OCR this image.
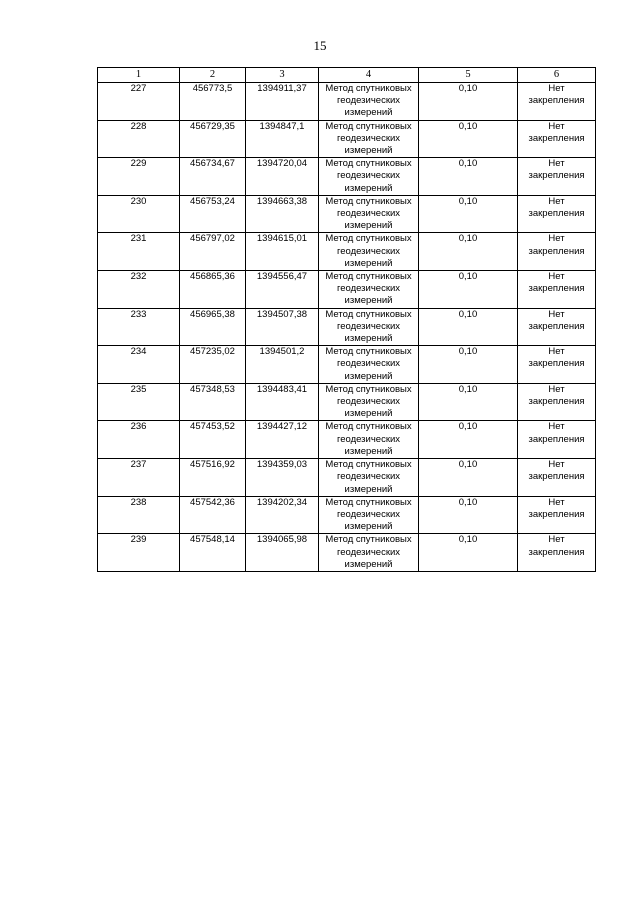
15
1	2	3	4	5	6
227	456773,5	1394911,37	Метод спутниковых геодезических измерений	0,10	Нет закрепления
228	456729,35	1394847,1	Метод спутниковых геодезических измерений	0,10	Нет закрепления
229	456734,67	1394720,04	Метод спутниковых геодезических измерений	0,10	Нет закрепления
230	456753,24	1394663,38	Метод спутниковых геодезических измерений	0,10	Нет закрепления
231	456797,02	1394615,01	Метод спутниковых геодезических измерений	0,10	Нет закрепления
232	456865,36	1394556,47	Метод спутниковых геодезических измерений	0,10	Нет закрепления
233	456965,38	1394507,38	Метод спутниковых геодезических измерений	0,10	Нет закрепления
234	457235,02	1394501,2	Метод спутниковых геодезических измерений	0,10	Нет закрепления
235	457348,53	1394483,41	Метод спутниковых геодезических измерений	0,10	Нет закрепления
236	457453,52	1394427,12	Метод спутниковых геодезических измерений	0,10	Нет закрепления
237	457516,92	1394359,03	Метод спутниковых геодезических измерений	0,10	Нет закрепления
238	457542,36	1394202,34	Метод спутниковых геодезических измерений	0,10	Нет закрепления
239	457548,14	1394065,98	Метод спутниковых геодезических измерений	0,10	Нет закрепления
